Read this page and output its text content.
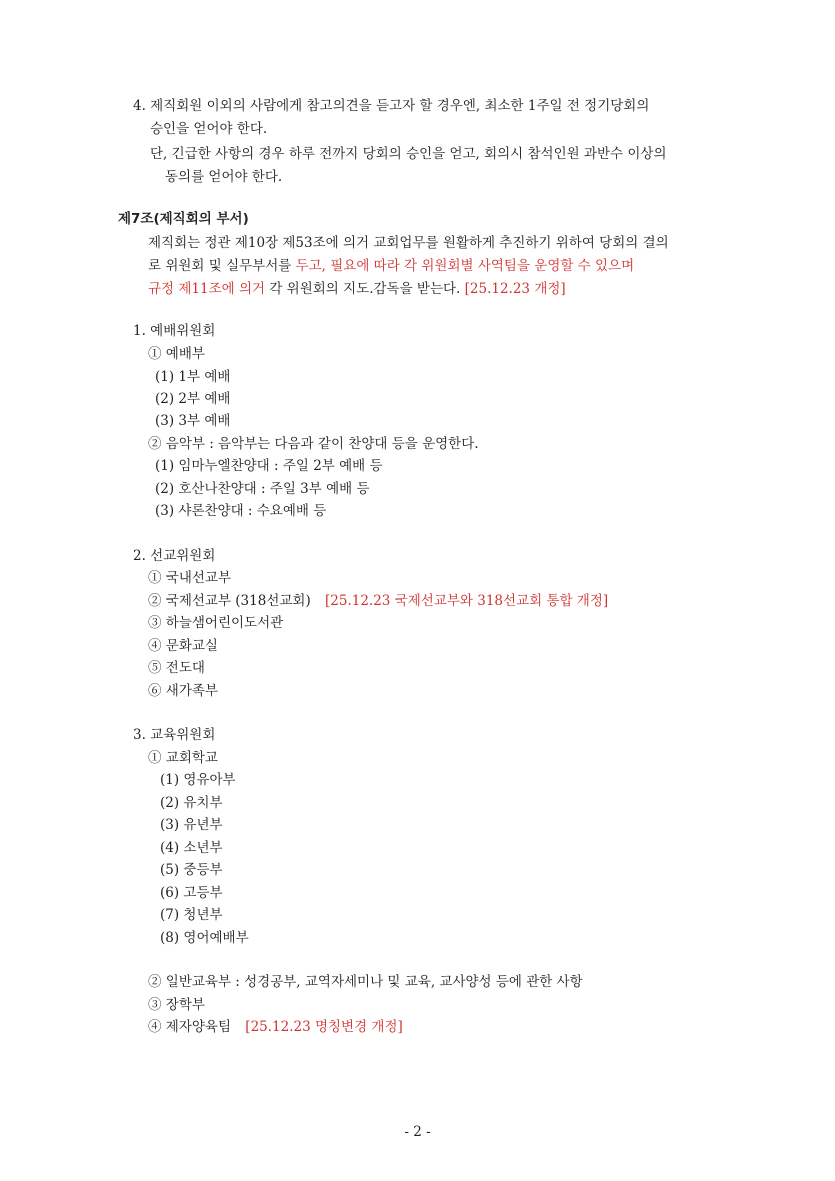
4. 제직회원 이외의 사람에게 참고의견을 듣고자 할 경우엔, 최소한 1주일 전 정기당회의
승인을 얻어야 한다.
단, 긴급한 사항의 경우 하루 전까지 당회의 승인을 얻고, 회의시 참석인원 과반수 이상의
동의를 얻어야 한다.
제7조(제직회의 부서)
제직회는 정관 제10장 제53조에 의거 교회업무를 원활하게 추진하기 위하여 당회의 결의
로 위원회 및 실무부서를 두고, 필요에 따라 각 위원회별 사역팀을 운영할 수 있으며
규정 제11조에 의거 각 위원회의 지도.감독을 받는다. [25.12.23 개정]
1. 예배위원회
① 예배부
(1) 1부 예배
(2) 2부 예배
(3) 3부 예배
② 음악부 : 음악부는 다음과 같이 찬양대 등을 운영한다.
(1) 임마누엘찬양대 : 주일 2부 예배 등
(2) 호산나찬양대 : 주일 3부 예배 등
(3) 샤론찬양대 : 수요예배 등
2. 선교위원회
① 국내선교부
② 국제선교부 (318선교회) [25.12.23 국제선교부와 318선교회 통합 개정]
③ 하늘샘어린이도서관
④ 문화교실
⑤ 전도대
⑥ 새가족부
3. 교육위원회
① 교회학교
(1) 영유아부
(2) 유치부
(3) 유년부
(4) 소년부
(5) 중등부
(6) 고등부
(7) 청년부
(8) 영어예배부
② 일반교육부 : 성경공부, 교역자세미나 및 교육, 교사양성 등에 관한 사항
③ 장학부
④ 제자양육팀 [25.12.23 명칭변경 개정]
- 2 -
